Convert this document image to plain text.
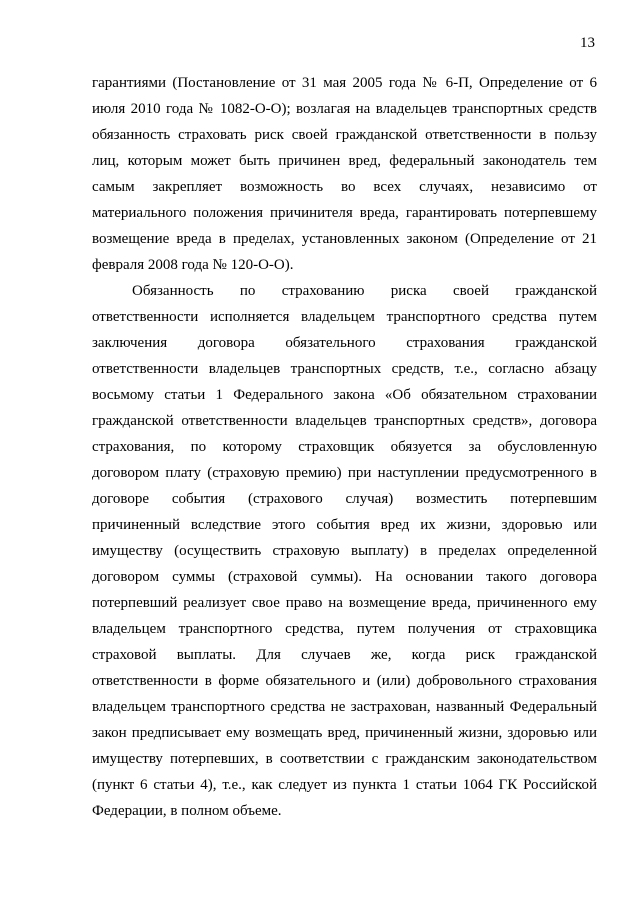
13
гарантиями (Постановление от 31 мая 2005 года № 6-П, Определение от 6
июля 2010 года № 1082-О-О); возлагая на владельцев транспортных средств
обязанность страховать риск своей гражданской ответственности в пользу
лиц, которым может быть причинен вред, федеральный законодатель тем
самым закрепляет возможность во всех случаях, независимо от
материального положения причинителя вреда, гарантировать потерпевшему
возмещение вреда в пределах, установленных законом (Определение от 21
февраля 2008 года № 120-О-О).
Обязанность по страхованию риска своей гражданской
ответственности исполняется владельцем транспортного средства путем
заключения договора обязательного страхования гражданской
ответственности владельцев транспортных средств, т.е., согласно абзацу
восьмому статьи 1 Федерального закона «Об обязательном страховании
гражданской ответственности владельцев транспортных средств», договора
страхования, по которому страховщик обязуется за обусловленную
договором плату (страховую премию) при наступлении предусмотренного в
договоре события (страхового случая) возместить потерпевшим
причиненный вследствие этого события вред их жизни, здоровью или
имуществу (осуществить страховую выплату) в пределах определенной
договором суммы (страховой суммы). На основании такого договора
потерпевший реализует свое право на возмещение вреда, причиненного ему
владельцем транспортного средства, путем получения от страховщика
страховой выплаты. Для случаев же, когда риск гражданской
ответственности в форме обязательного и (или) добровольного страхования
владельцем транспортного средства не застрахован, названный Федеральный
закон предписывает ему возмещать вред, причиненный жизни, здоровью или
имуществу потерпевших, в соответствии с гражданским законодательством
(пункт 6 статьи 4), т.е., как следует из пункта 1 статьи 1064 ГК Российской
Федерации, в полном объеме.
